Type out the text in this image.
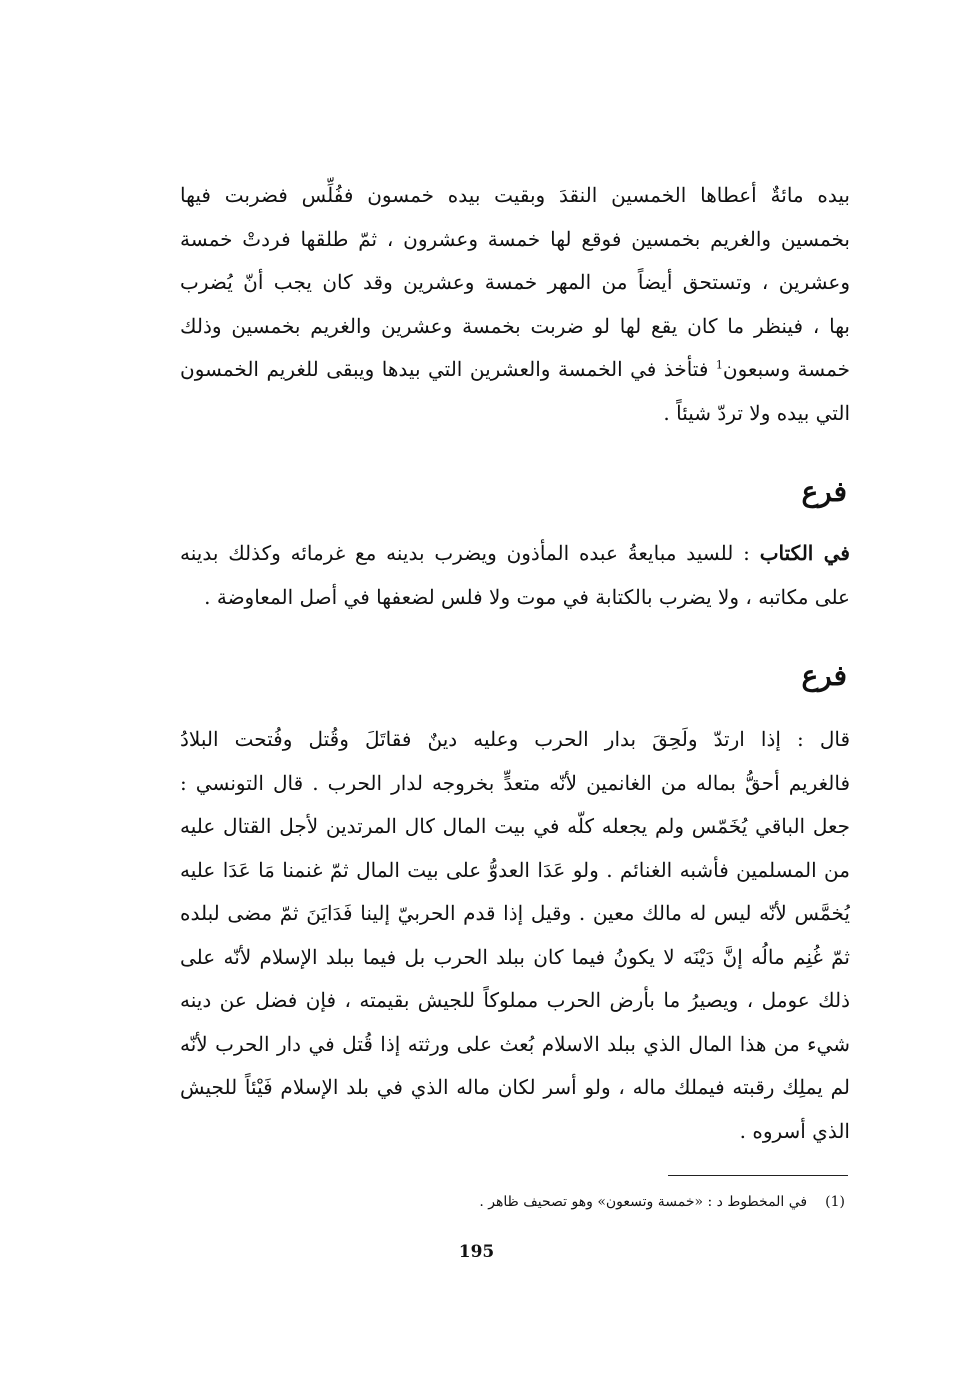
بيده مائةٌ أعطاها الخمسين النقدَ وبقيت بيده خمسون ففُلِّس فضربت فيها
بخمسين والغريم بخمسين فوقع لها خمسة وعشرون ، ثمّ طلقها فردتْ خمسة
وعشرين ، وتستحق أيضاً من المهر خمسة وعشرين وقد كان يجب أنّ يُضرب
بها ، فينظر ما كان يقع لها لو ضربت بخمسة وعشرين والغريم بخمسين وذلك
خمسة وسبعون$^1$ فتأخذ في الخمسة والعشرين التي بيدها ويبقى للغريم الخمسون
التي بيده ولا تردّ شيئاً .
فرع
في الكتاب : للسيد مبايعةُ عبده المأذون ويضرب بدينه مع غرمائه وكذلك بدينه
على مكاتبه ، ولا يضرب بالكتابة في موت ولا فلس لضعفها في أصل المعاوضة .
فرع
قال : إذا ارتدّ ولَحِقَ بدار الحرب وعليه دينٌ فقاتَلَ وقُتل وفُتحت البلادُ
فالغريم أحقُّ بماله من الغانمين لأنّه متعدٍّ بخروجه لدار الحرب . قال التونسي :
جعل الباقي يُخَمّس ولم يجعله كلّه في بيت المال كال المرتدين لأجل القتال عليه
من المسلمين فأشبه الغنائم . ولو عَدَا العدوُّ على بيت المال ثمّ غنمنا مَا عَدَا عليه
يُخمَّس لأنّه ليس له مالك معين . وقيل إذا قدم الحربيّ إلينا فَدَايَنَ ثمّ مضى لبلده
ثمّ غُنِم مالُه إنَّ دَيْنَه لا يكونُ فيما كان ببلد الحرب بل فيما ببلد الإسلام لأنّه على
ذلك عومل ، ويصيرُ ما بأرض الحرب مملوكاً للجيش بقيمته ، فإن فضل عن دينه
شيء من هذا المال الذي ببلد الاسلام بُعث على ورثته إذا قُتل في دار الحرب لأنّه
لم يملِك رقبته فيملك ماله ، ولو أسر لكان ماله الذي في بلد الإسلام فَيْئاً للجيش
الذي أسروه .
(1)في المخطوط د : «خمسة وتسعون» وهو تصحيف ظاهر .
195
